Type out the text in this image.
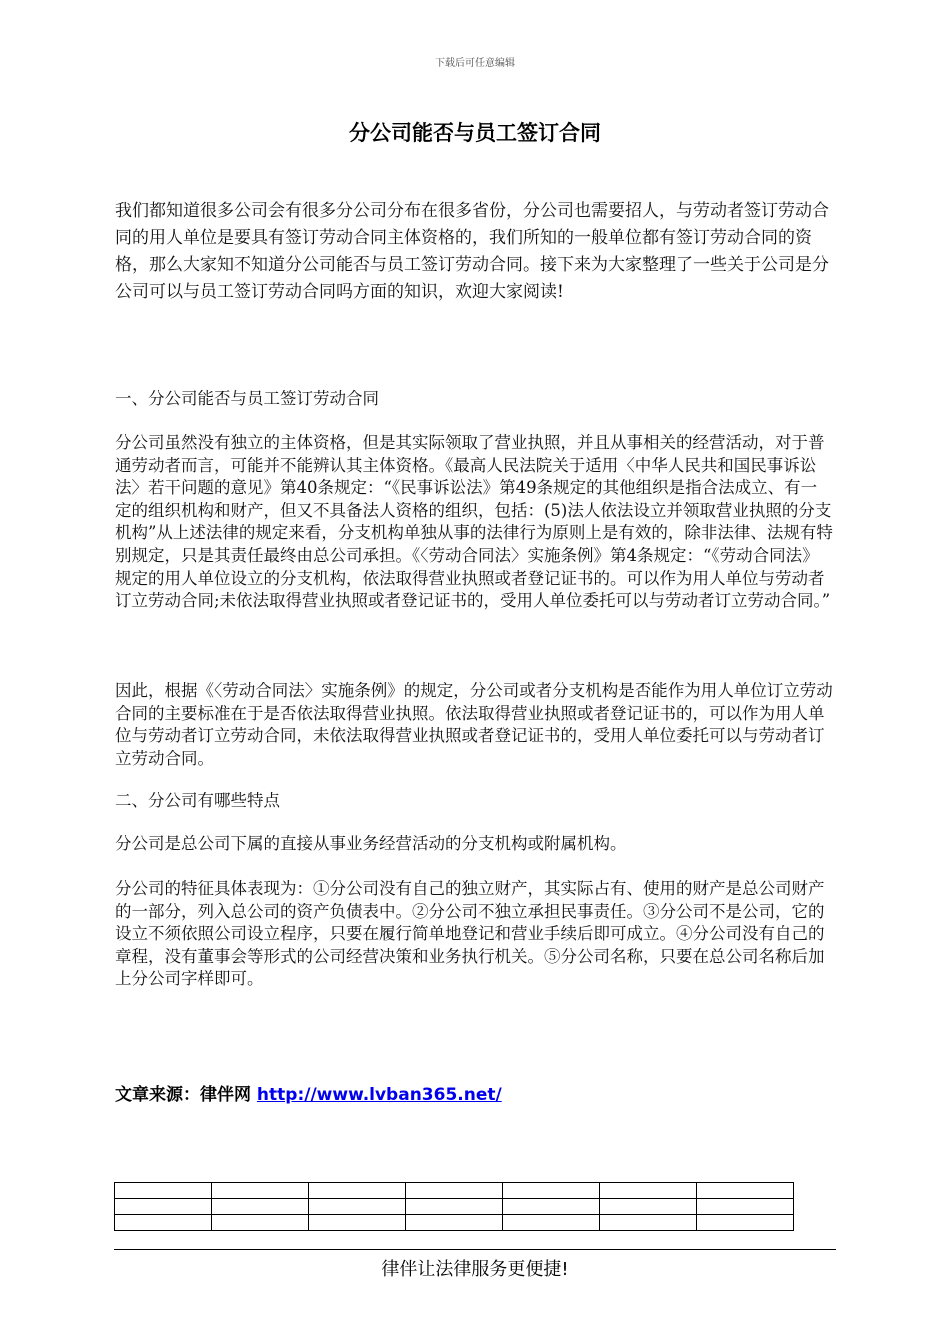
下载后可任意编辑
分公司能否与员工签订合同

我们都知道很多公司会有很多分公司分布在很多省份，分公司也需要招人，与劳动者签订劳动合同的用人单位是要具有签订劳动合同主体资格的，我们所知的一般单位都有签订劳动合同的资格，那么大家知不知道分公司能否与员工签订劳动合同。接下来为大家整理了一些关于公司是分公司可以与员工签订劳动合同吗方面的知识，欢迎大家阅读!

一、分公司能否与员工签订劳动合同

分公司虽然没有独立的主体资格，但是其实际领取了营业执照，并且从事相关的经营活动，对于普通劳动者而言，可能并不能辨认其主体资格。《最高人民法院关于适用〈中华人民共和国民事诉讼法〉若干问题的意见》第40条规定：“《民事诉讼法》第49条规定的其他组织是指合法成立、有一定的组织机构和财产，但又不具备法人资格的组织，包括：(5)法人依法设立并领取营业执照的分支机构”从上述法律的规定来看，分支机构单独从事的法律行为原则上是有效的，除非法律、法规有特别规定，只是其责任最终由总公司承担。《〈劳动合同法〉实施条例》第4条规定：“《劳动合同法》规定的用人单位设立的分支机构，依法取得营业执照或者登记证书的。可以作为用人单位与劳动者订立劳动合同;未依法取得营业执照或者登记证书的，受用人单位委托可以与劳动者订立劳动合同。”

因此，根据《〈劳动合同法〉实施条例》的规定，分公司或者分支机构是否能作为用人单位订立劳动合同的主要标准在于是否依法取得营业执照。依法取得营业执照或者登记证书的，可以作为用人单位与劳动者订立劳动合同，未依法取得营业执照或者登记证书的，受用人单位委托可以与劳动者订立劳动合同。

二、分公司有哪些特点

分公司是总公司下属的直接从事业务经营活动的分支机构或附属机构。

分公司的特征具体表现为：①分公司没有自己的独立财产，其实际占有、使用的财产是总公司财产的一部分，列入总公司的资产负债表中。②分公司不独立承担民事责任。③分公司不是公司，它的设立不须依照公司设立程序，只要在履行简单地登记和营业手续后即可成立。④分公司没有自己的章程，没有董事会等形式的公司经营决策和业务执行机关。⑤分公司名称，只要在总公司名称后加上分公司字样即可。

文章来源：律伴网 http://www.lvban365.net/

律伴让法律服务更便捷!
